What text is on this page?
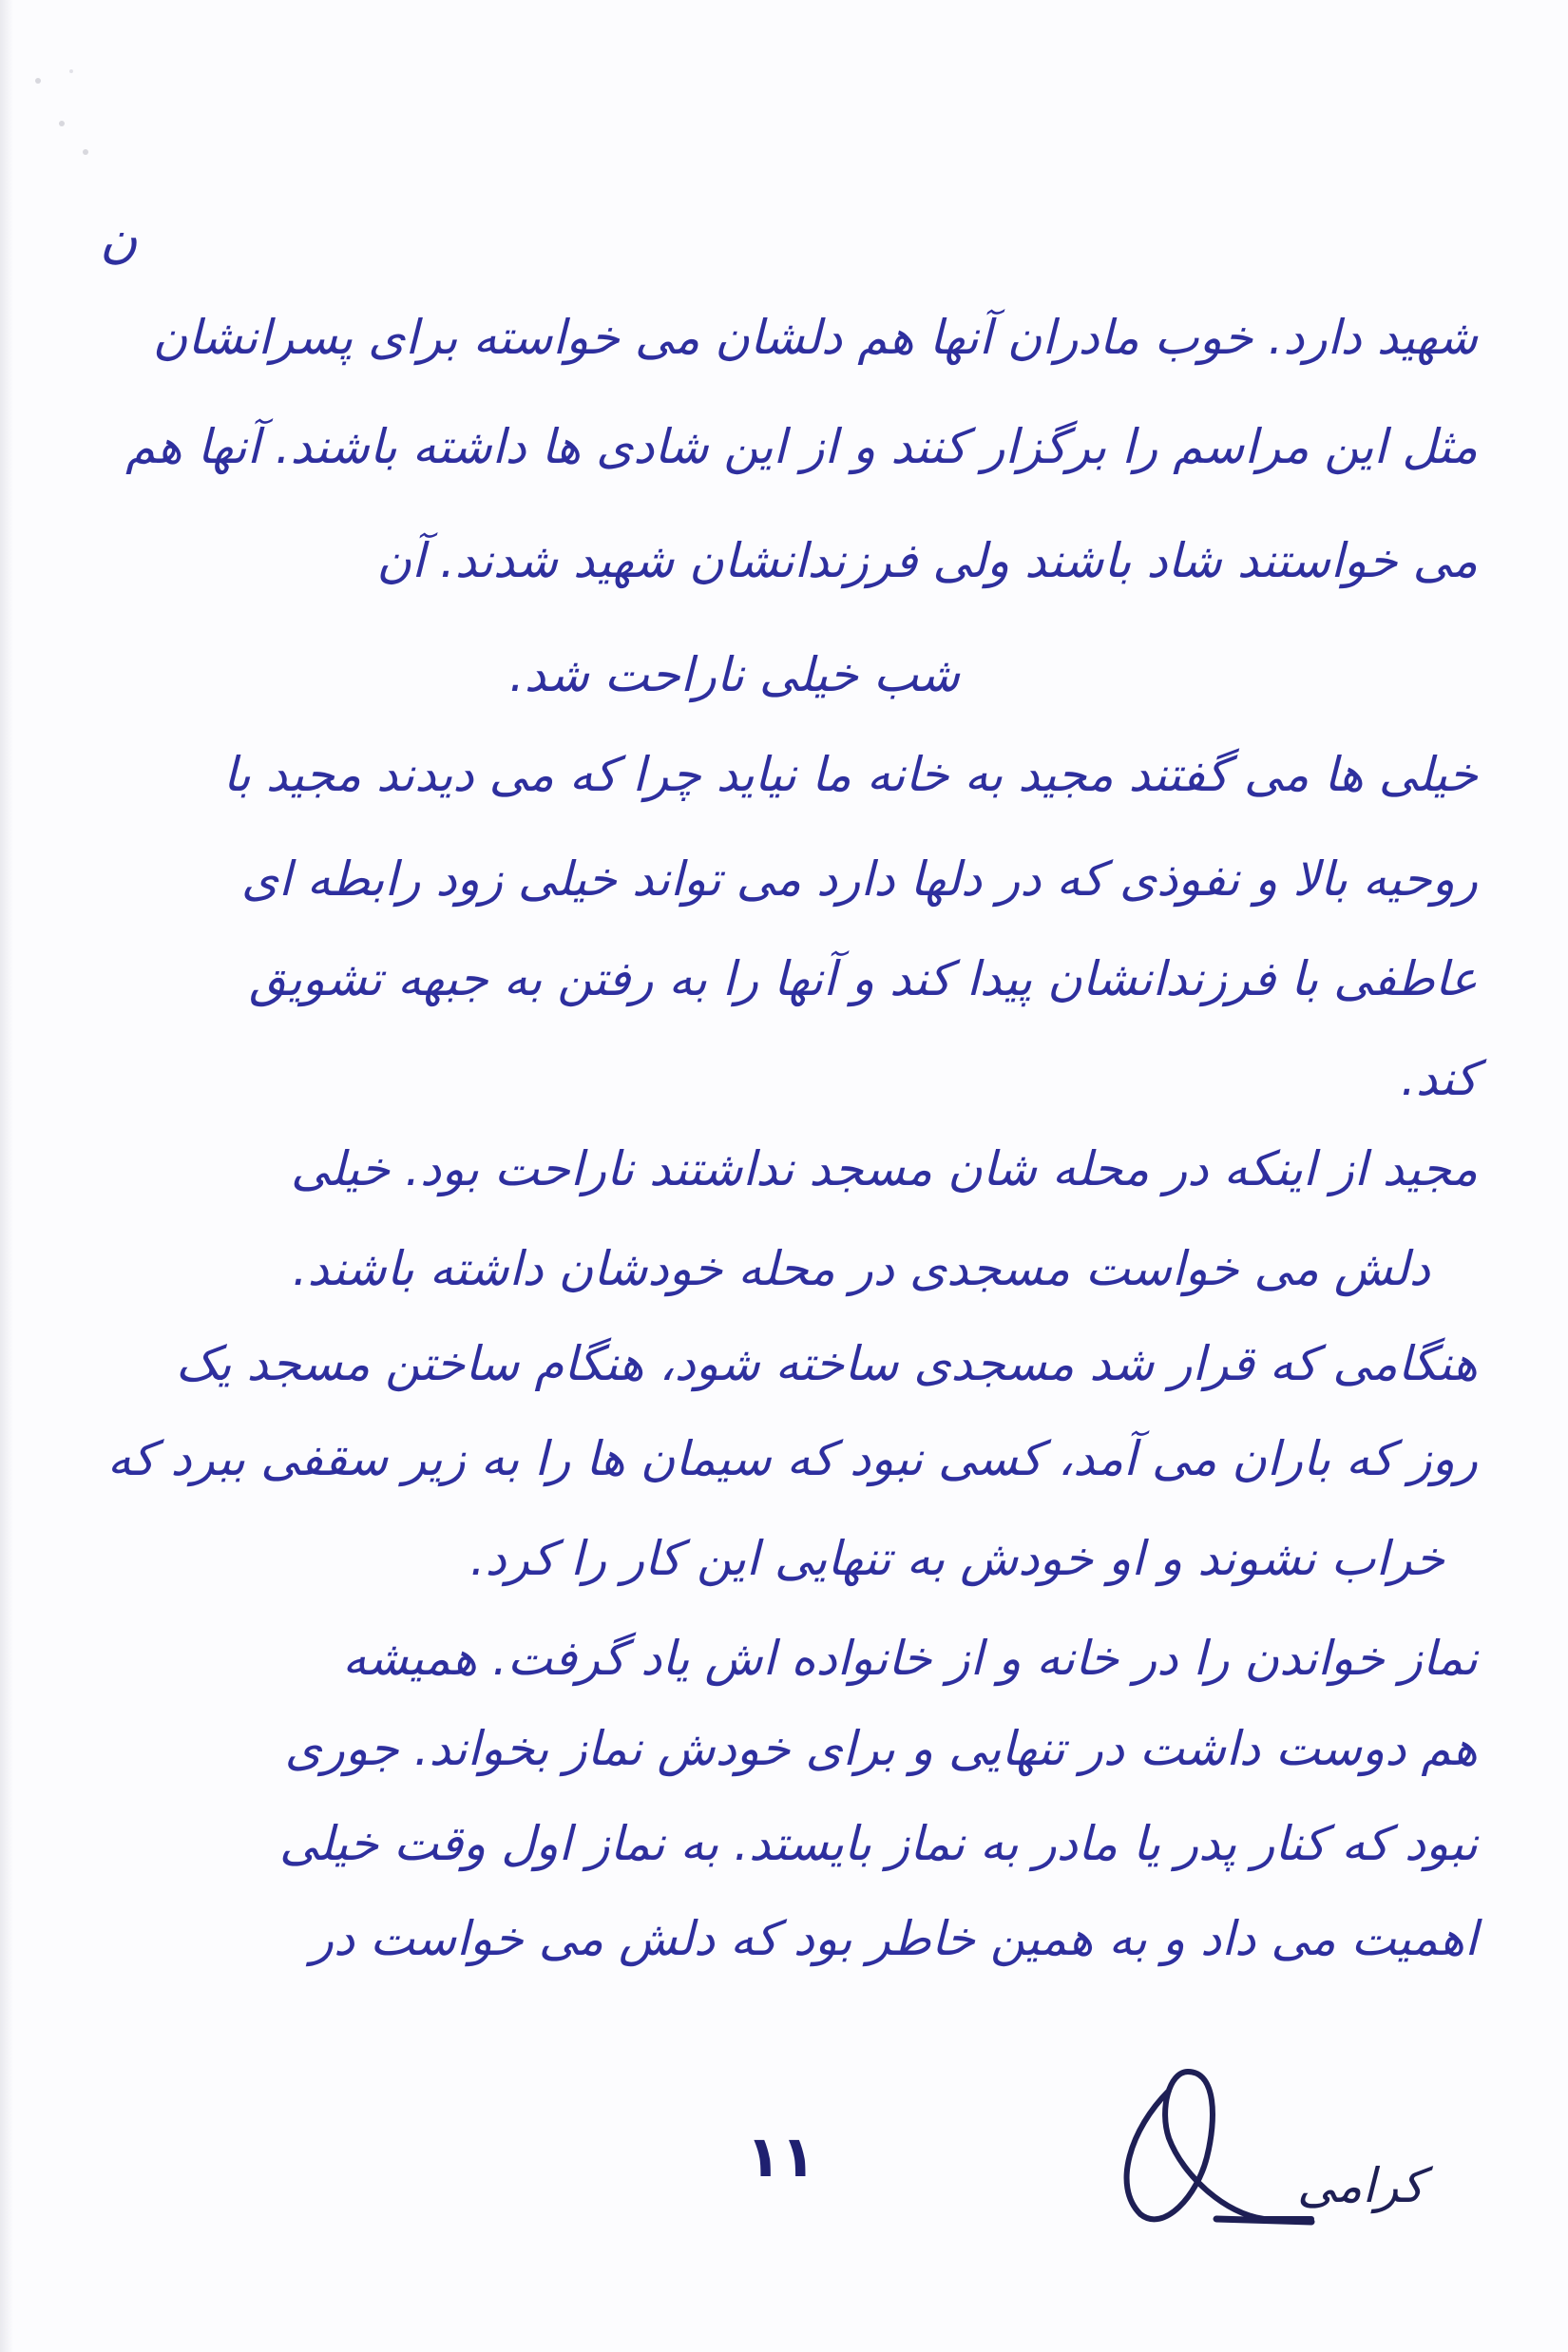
ن
شهید دارد. خوب مادران آنها هم دلشان می خواسته برای پسرانشان
مثل این مراسم را برگزار کنند و از این شادی ها داشته باشند. آنها هم
می خواستند شاد باشند ولی فرزندانشان شهید شدند. آن
شب خیلی ناراحت شد.
خیلی ها می گفتند مجید به خانه ما نیاید چرا که می دیدند مجید با
روحیه بالا و نفوذی که در دلها دارد می تواند خیلی زود رابطه ای
عاطفی با فرزندانشان پیدا کند و آنها را به رفتن به جبهه تشویق
کند.
مجید از اینکه در محله شان مسجد نداشتند ناراحت بود. خیلی
دلش می خواست مسجدی در محله خودشان داشته باشند.
هنگامی که قرار شد مسجدی ساخته شود، هنگام ساختن مسجد یک
روز که باران می آمد، کسی نبود که سیمان ها را به زیر سقفی ببرد که
خراب نشوند و او خودش به تنهایی این کار را کرد.
نماز خواندن را در خانه و از خانواده اش یاد گرفت. همیشه
هم دوست داشت در تنهایی و برای خودش نماز بخواند. جوری
نبود که کنار پدر یا مادر به نماز بایستد. به نماز اول وقت خیلی
اهمیت می داد و به همین خاطر بود که دلش می خواست در
۱۱	کرامی
